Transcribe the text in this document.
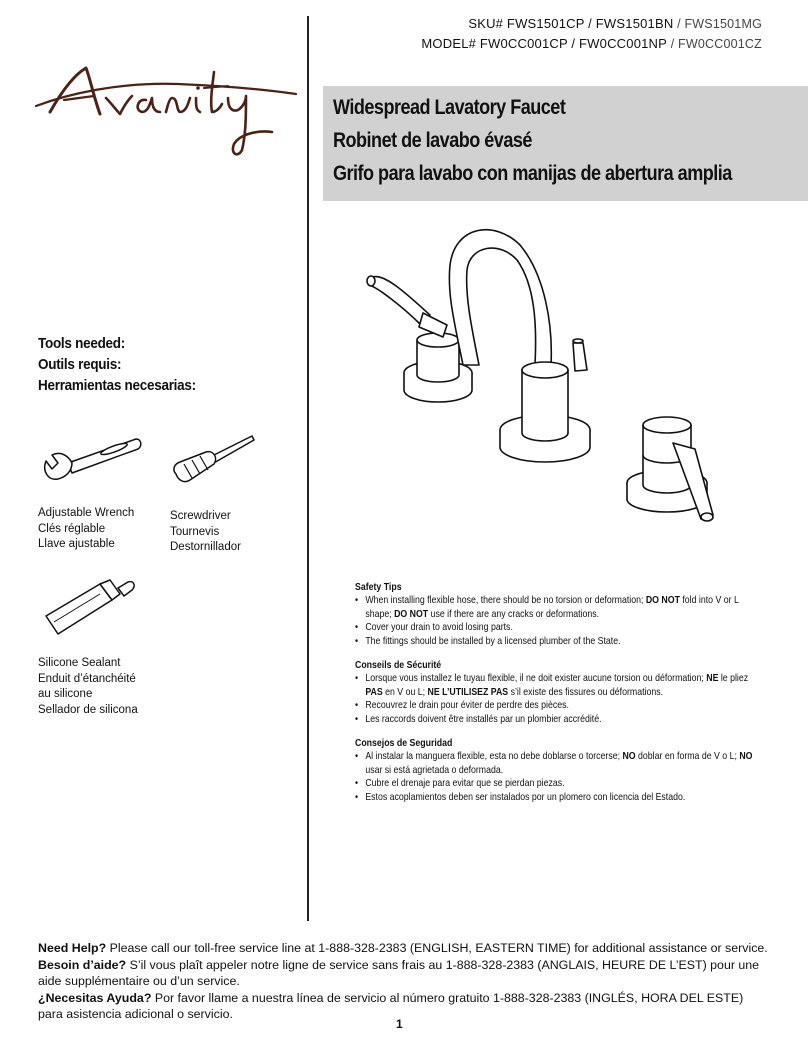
SKU# FWS1501CP / FWS1501BN / FWS1501MG
MODEL# FW0CC001CP / FW0CC001NP / FW0CC001CZ
Widespread Lavatory Faucet
Robinet de lavabo évasé
Grifo para lavabo con manijas de abertura amplia
Tools needed:
Outils requis:
Herramientas necesarias:
Adjustable Wrench
Clés réglable
Llave ajustable
Screwdriver
Tournevis
Destornillador
Silicone Sealant
Enduit d’étanchéité
au silicone
Sellador de silicona
Safety Tips
• When installing flexible hose, there should be no torsion or deformation; DO NOT fold into V or L shape; DO NOT use if there are any cracks or deformations.
• Cover your drain to avoid losing parts.
• The fittings should be installed by a licensed plumber of the State.
Conseils de Sécurité
• Lorsque vous installez le tuyau flexible, il ne doit exister aucune torsion ou déformation; NE le pliez PAS en V ou L; NE L’UTILISEZ PAS s’il existe des fissures ou déformations.
• Recouvrez le drain pour éviter de perdre des pièces.
• Les raccords doivent être installés par un plombier accrédité.
Consejos de Seguridad
• Al instalar la manguera flexible, esta no debe doblarse o torcerse; NO doblar en forma de V o L; NO usar si está agrietada o deformada.
• Cubre el drenaje para evitar que se pierdan piezas.
• Estos acoplamientos deben ser instalados por un plomero con licencia del Estado.

Need Help? Please call our toll-free service line at 1-888-328-2383 (ENGLISH, EASTERN TIME) for additional assistance or service.

Besoin d’aide? S’il vous plaît appeler notre ligne de service sans frais au 1-888-328-2383 (ANGLAIS, HEURE DE L’EST) pour une aide supplémentaire ou d’un service.

¿Necesitas Ayuda? Por favor llame a nuestra línea de servicio al número gratuito 1-888-328-2383 (INGLÉS, HORA DEL ESTE) para asistencia adicional o servicio.

1
